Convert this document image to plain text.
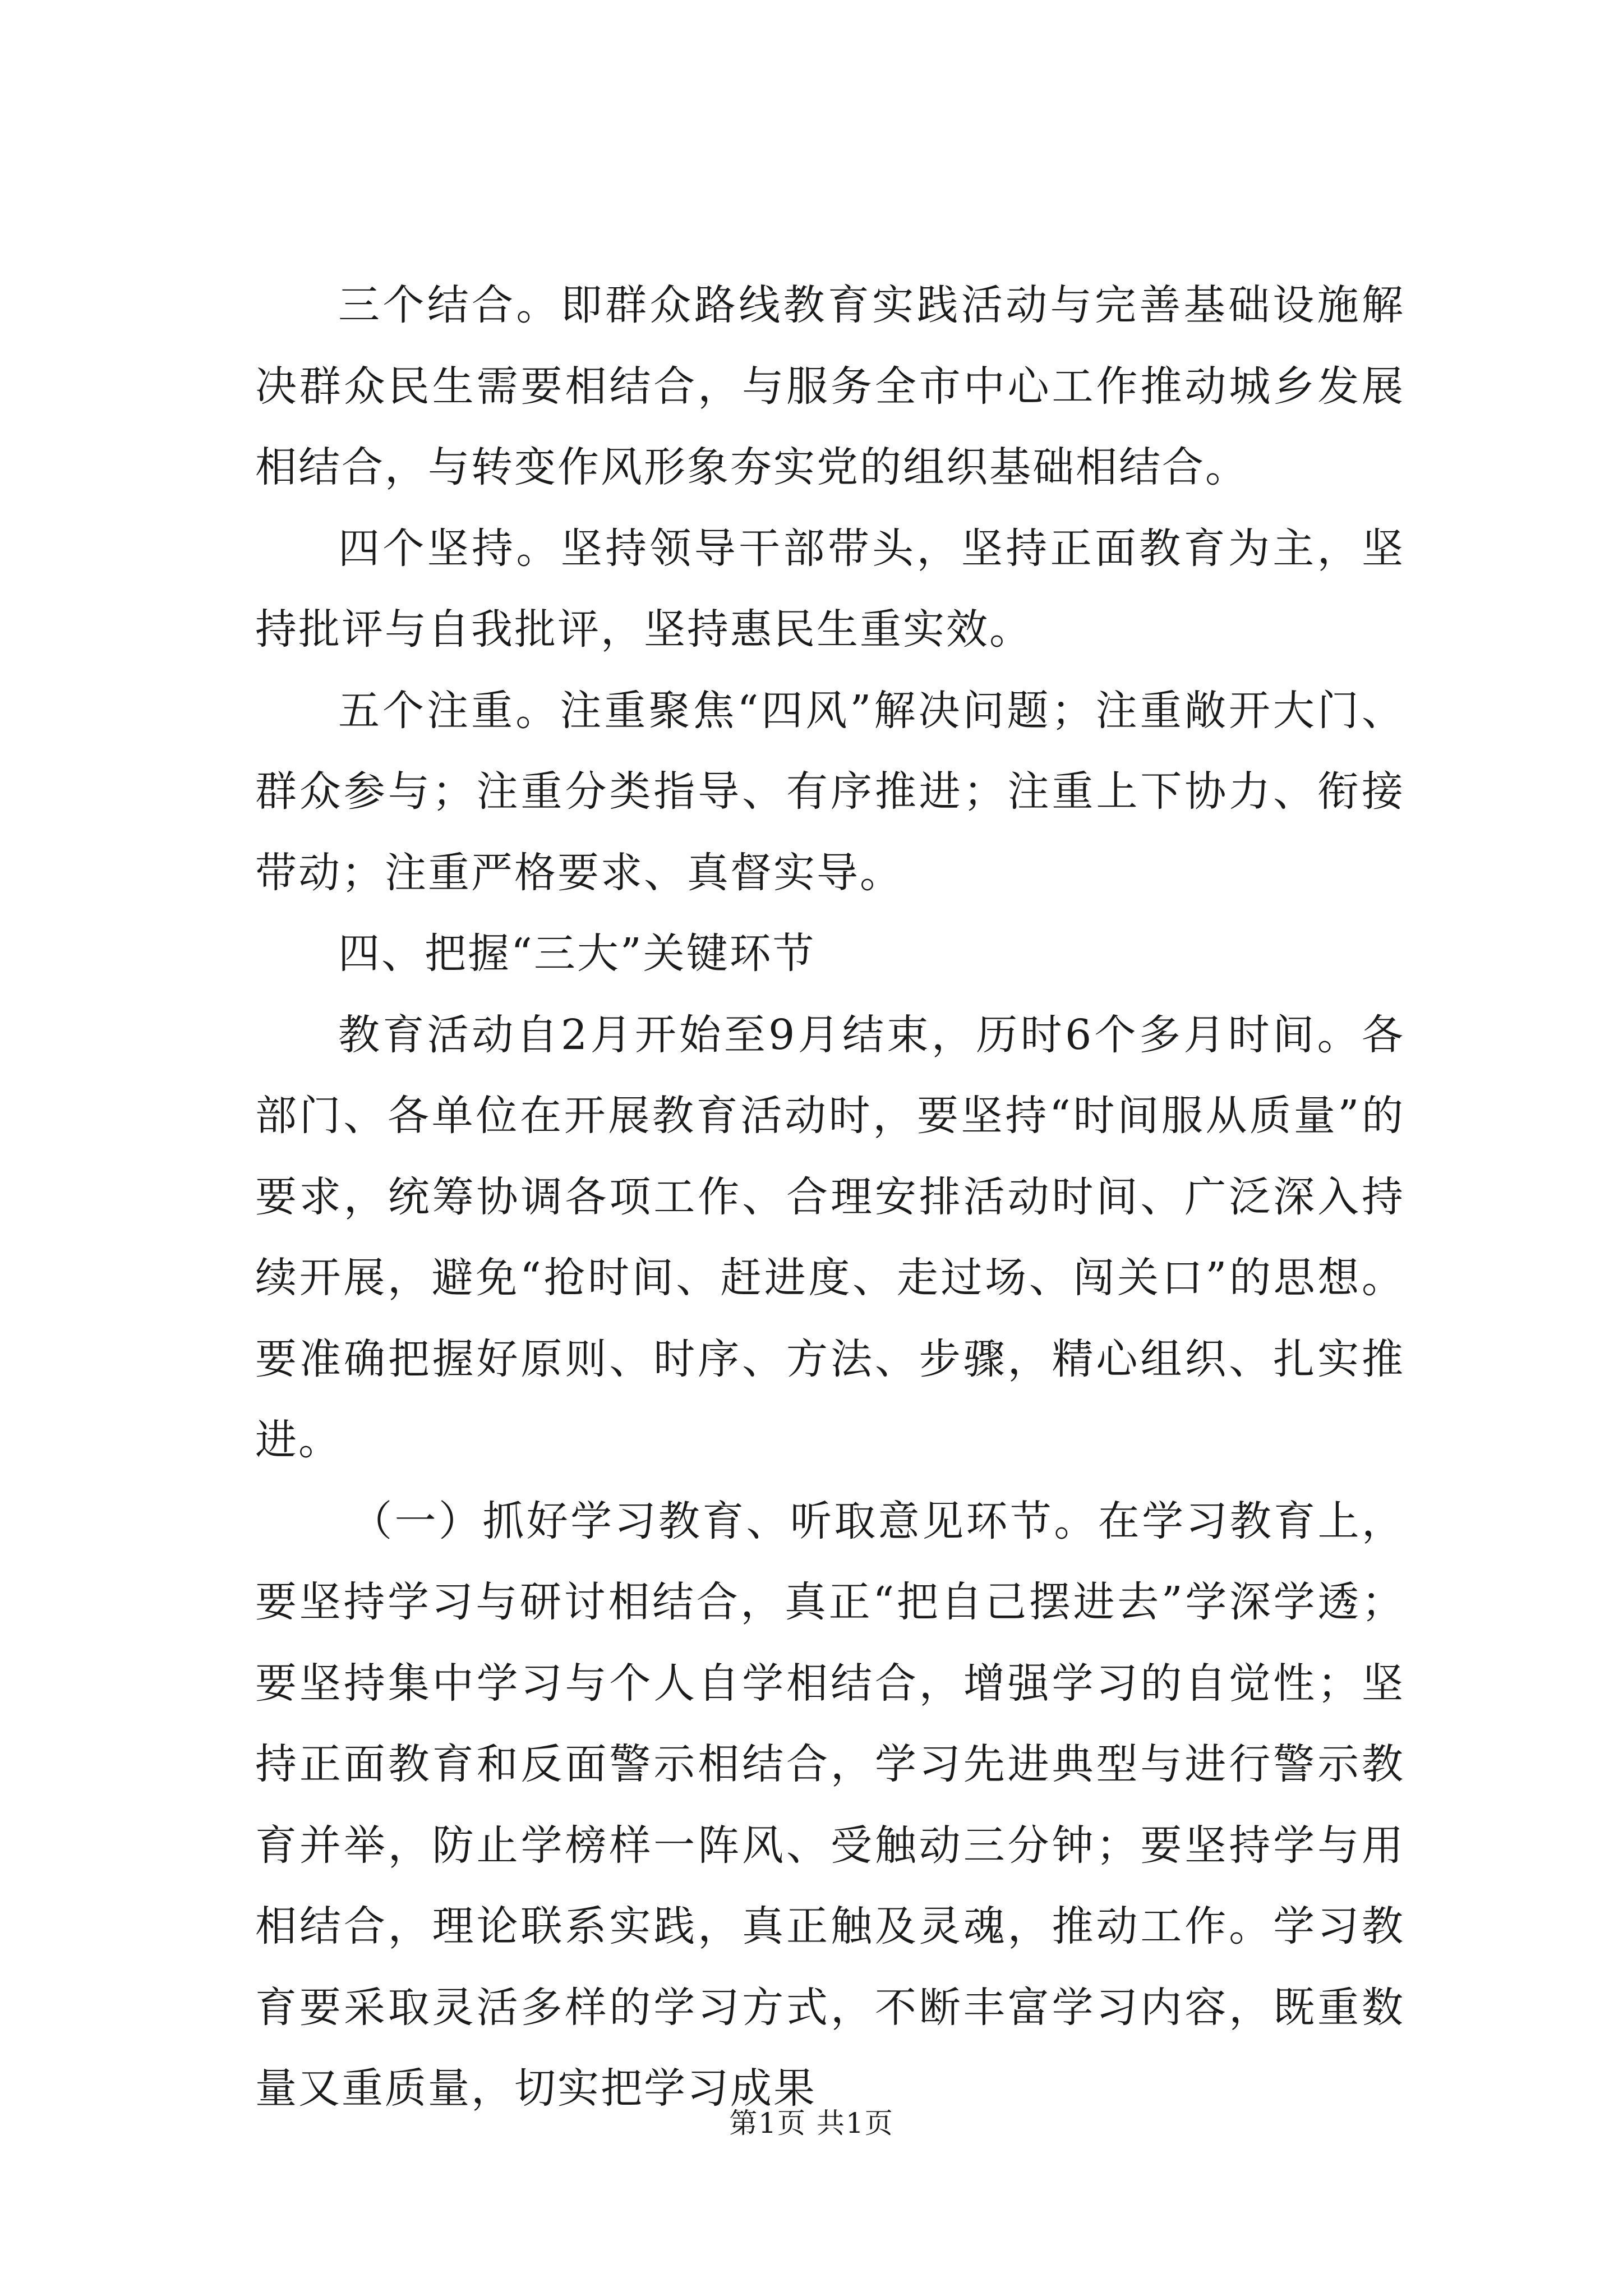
三个结合。即群众路线教育实践活动与完善基础设施解决群众民生需要相结合，与服务全市中心工作推动城乡发展相结合，与转变作风形象夯实党的组织基础相结合。

四个坚持。坚持领导干部带头，坚持正面教育为主，坚持批评与自我批评，坚持惠民生重实效。

五个注重。注重聚焦“四风”解决问题；注重敞开大门、群众参与；注重分类指导、有序推进；注重上下协力、衔接带动；注重严格要求、真督实导。

四、把握“三大”关键环节

教育活动自2月开始至9月结束，历时6个多月时间。各部门、各单位在开展教育活动时，要坚持“时间服从质量”的要求，统筹协调各项工作、合理安排活动时间、广泛深入持续开展，避免“抢时间、赶进度、走过场、闯关口”的思想。要准确把握好原则、时序、方法、步骤，精心组织、扎实推进。

（一）抓好学习教育、听取意见环节。在学习教育上，要坚持学习与研讨相结合，真正“把自己摆进去”学深学透；要坚持集中学习与个人自学相结合，增强学习的自觉性；坚持正面教育和反面警示相结合，学习先进典型与进行警示教育并举，防止学榜样一阵风、受触动三分钟；要坚持学与用相结合，理论联系实践，真正触及灵魂，推动工作。学习教育要采取灵活多样的学习方式，不断丰富学习内容，既重数量又重质量，切实把学习成果

第1页 共1页
